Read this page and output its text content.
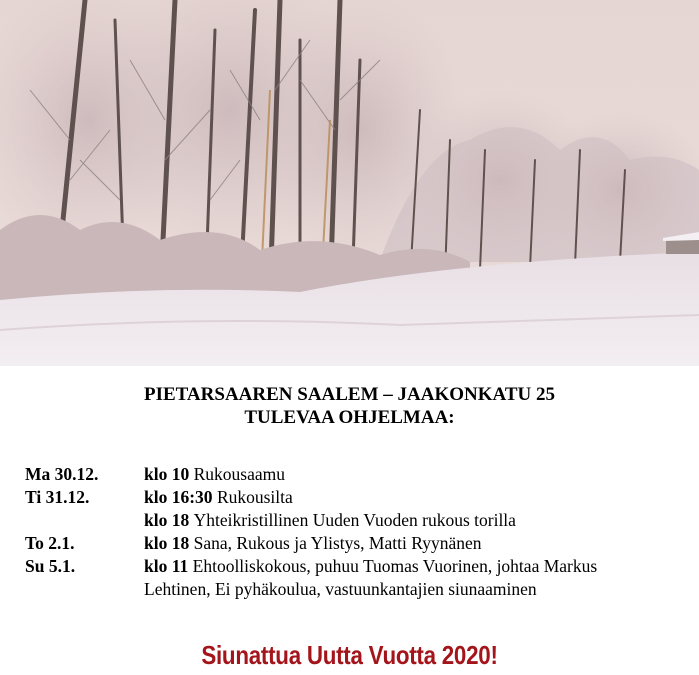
PIETARSAAREN SAALEM – JAAKONKATU 25
TULEVAA OHJELMAA:
Ma 30.12.	klo 10 Rukousaamu
Ti 31.12.	klo 16:30 Rukousilta
klo 18 Yhteikristillinen Uuden Vuoden rukous torilla
To 2.1.	klo 18 Sana, Rukous ja Ylistys, Matti Ryynänen
Su 5.1.	klo 11 Ehtoolliskokous, puhuu Tuomas Vuorinen, johtaa Markus
Lehtinen, Ei pyhäkoulua, vastuunkantajien siunaaminen
Siunattua Uutta Vuotta 2020!
